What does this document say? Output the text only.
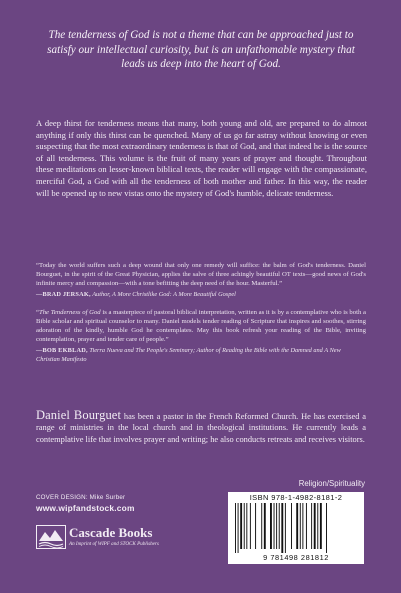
The tenderness of God is not a theme that can be approached just to satisfy our intellectual curiosity, but is an unfathomable mystery that leads us deep into the heart of God.

A deep thirst for tenderness means that many, both young and old, are prepared to do almost anything if only this thirst can be quenched. Many of us go far astray without knowing or even suspecting that the most extraordinary tenderness is that of God, and that indeed he is the source of all tenderness. This volume is the fruit of many years of prayer and thought. Throughout these meditations on lesser-known biblical texts, the reader will engage with the compassionate, merciful God, a God with all the tenderness of both mother and father. In this way, the reader will be opened up to new vistas onto the mystery of God's humble, delicate tenderness.

“Today the world suffers such a deep wound that only one remedy will suffice: the balm of God's tenderness. Daniel Bourguet, in the spirit of the Great Physician, applies the salve of three achingly beautiful OT texts—good news of God's infinite mercy and compassion—with a tone befitting the deep need of the hour. Masterful.”
—BRAD JERSAK, Author, A More Christlike God: A More Beautiful Gospel
“The Tenderness of God is a masterpiece of pastoral biblical interpretation, written as it is by a contemplative who is both a Bible scholar and spiritual counselor to many. Daniel models tender reading of Scripture that inspires and soothes, stirring adoration of the kindly, humble God he contemplates. May this book refresh your reading of the Bible, inviting contemplation, prayer and tender care of people.”
—BOB EKBLAD, Tierra Nueva and The People's Seminary; Author of Reading the Bible with the Damned and A New Christian Manifesto
Daniel Bourguet has been a pastor in the French Reformed Church. He has exercised a range of ministries in the local church and in theological institutions. He currently leads a contemplative life that involves prayer and writing; he also conducts retreats and receives visitors.
Religion/Spirituality
COVER DESIGN: Mike Surber
www.wipfandstock.com
Cascade Books
An Imprint of WIPF and STOCK Publishers
ISBN 978-1-4982-8181-2
9 781498 281812
